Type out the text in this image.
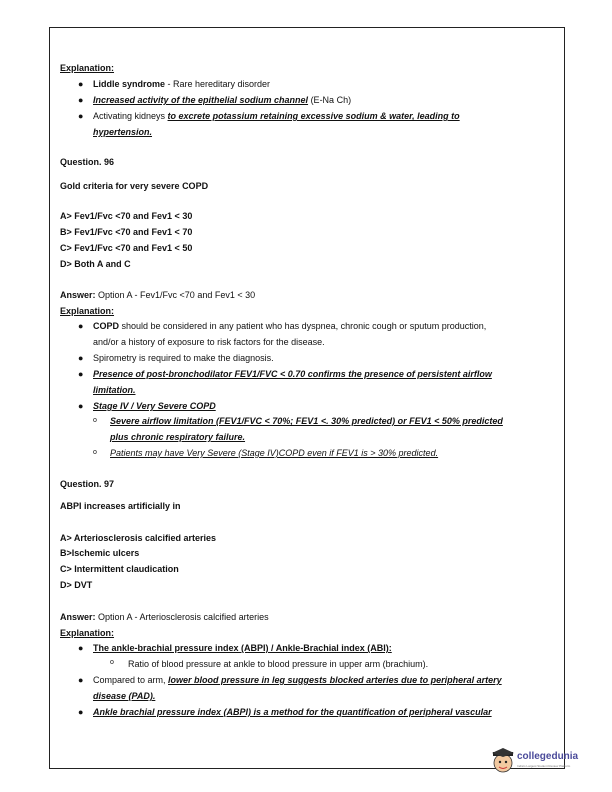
Explanation:
● Liddle syndrome - Rare hereditary disorder
● Increased activity of the epithelial sodium channel (E-Na Ch)
● Activating kidneys to excrete potassium retaining excessive sodium & water, leading to
hypertension.
Question. 96
Gold criteria for very severe COPD
A> Fev1/Fvc <70 and Fev1 < 30
B> Fev1/Fvc <70 and Fev1 < 70
C> Fev1/Fvc <70 and Fev1 < 50
D> Both A and C
Answer: Option A - Fev1/Fvc <70 and Fev1 < 30
Explanation:
● COPD should be considered in any patient who has dyspnea, chronic cough or sputum production,
and/or a history of exposure to risk factors for the disease.
● Spirometry is required to make the diagnosis.
● Presence of post-bronchodilator FEV1/FVC < 0.70 confirms the presence of persistent airflow
limitation.
● Stage IV / Very Severe COPD
o Severe airflow limitation (FEV1/FVC < 70%; FEV1 <. 30% predicted) or FEV1 < 50% predicted
plus chronic respiratory failure.
o Patients may have Very Severe (Stage IV)COPD even if FEV1 is > 30% predicted.
Question. 97
ABPI increases artificially in
A> Arteriosclerosis calcified arteries
B>Ischemic ulcers
C> Intermittent claudication
D> DVT
Answer: Option A - Arteriosclerosis calcified arteries
Explanation:
● The ankle-brachial pressure index (ABPI) / Ankle-Brachial index (ABI):
o Ratio of blood pressure at ankle to blood pressure in upper arm (brachium).
● Compared to arm, lower blood pressure in leg suggests blocked arteries due to peripheral artery
disease (PAD).
● Ankle brachial pressure index (ABPI) is a method for the quantification of peripheral vascular
collegedunia
India's Largest Student Review Platform
